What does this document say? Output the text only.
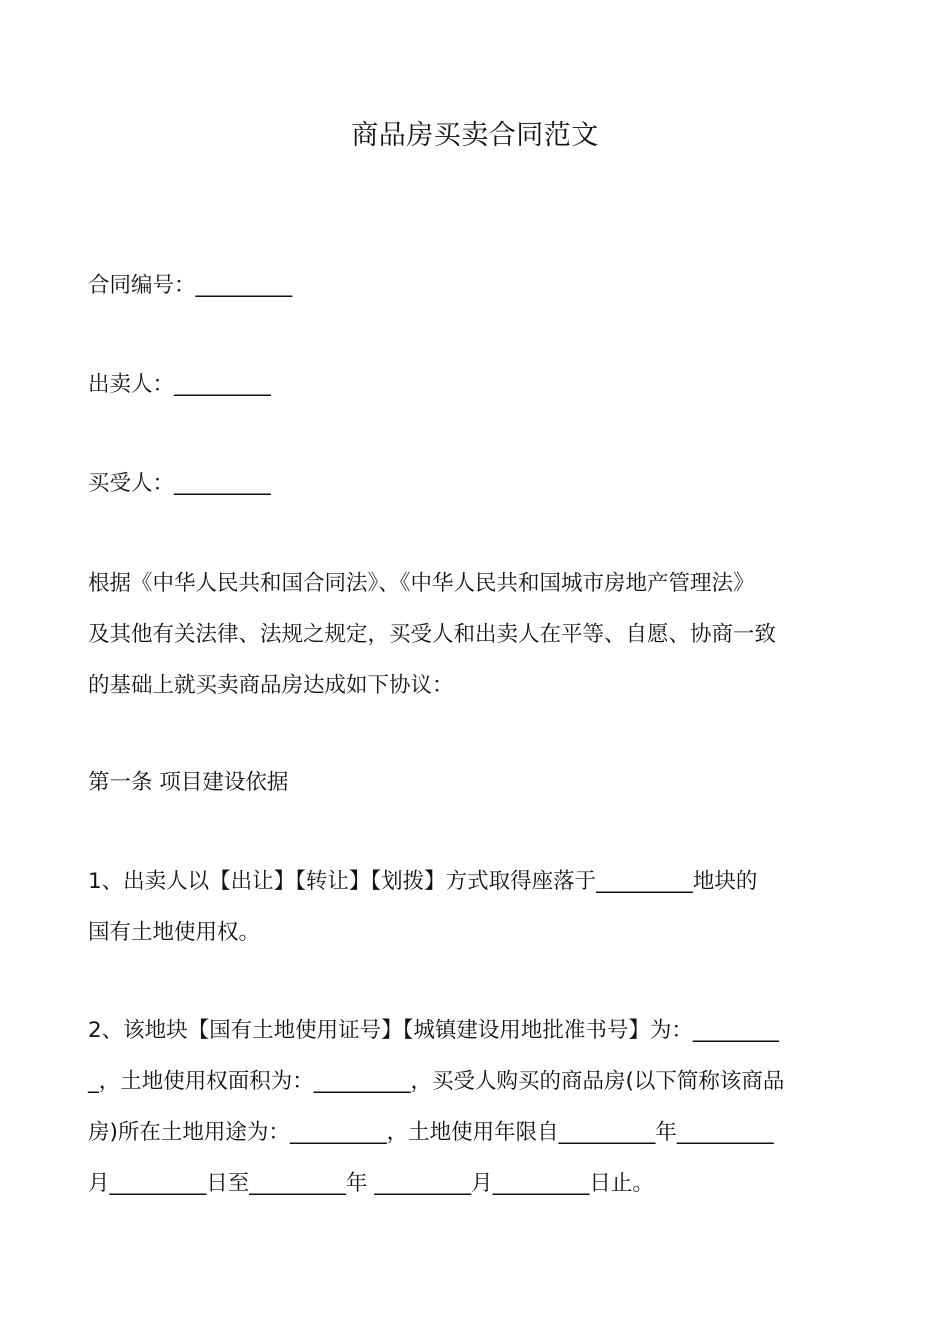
商品房买卖合同范文

合同编号：_________

出卖人：_________

买受人：_________

根据《中华人民共和国合同法》、《中华人民共和国城市房地产管理法》
及其他有关法律、法规之规定，买受人和出卖人在平等、自愿、协商一致
的基础上就买卖商品房达成如下协议：

第一条 项目建设依据

1、出卖人以【出让】【转让】【划拨】方式取得座落于_________地块的
国有土地使用权。
2、该地块【国有土地使用证号】【城镇建设用地批准书号】为：________
_，土地使用权面积为：_________，买受人购买的商品房(以下简称该商品
房)所在土地用途为：_________，土地使用年限自_________年_________
月_________日至_________年 _________月_________日止。
